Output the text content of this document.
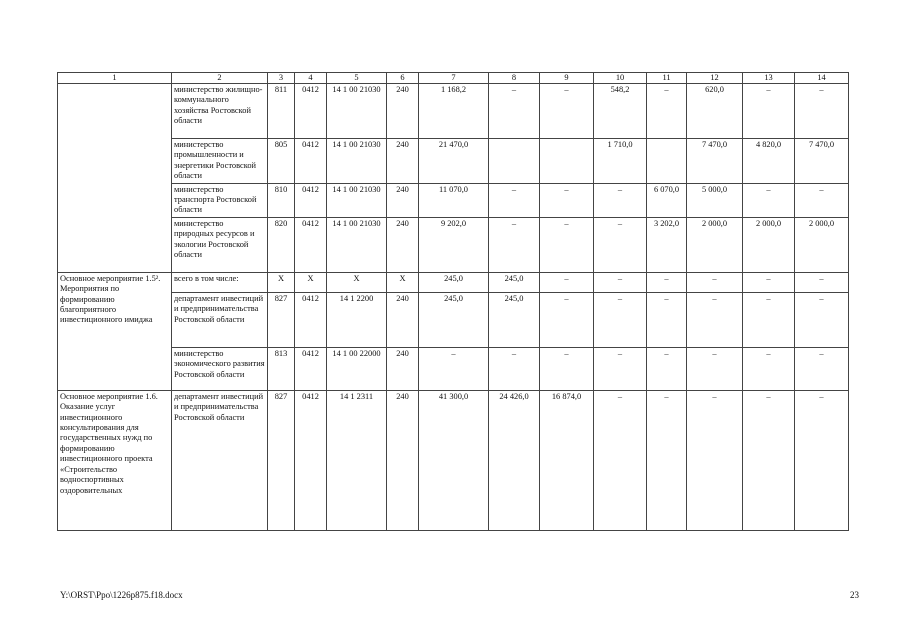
1	2	3	4	5	6	7	8	9	10	11	12	13	14
	министерство жилищно-коммунального хозяйства Ростовской области	811	0412	14 1 00 21030	240	1 168,2	–	–	548,2	–	620,0	–	–
	министерство промышленности и энергетики Ростовской области	805	0412	14 1 00 21030	240	21 470,0			1 710,0		7 470,0	4 820,0	7 470,0
	министерство транспорта Ростовской области	810	0412	14 1 00 21030	240	11 070,0	–	–	–	6 070,0	5 000,0	–	–
	министерство природных ресурсов и экологии Ростовской области	820	0412	14 1 00 21030	240	9 202,0	–	–	–	3 202,0	2 000,0	2 000,0	2 000,0
Основное мероприятие 1.5². Мероприятия по формированию благоприятного инвестиционного имиджа	всего в том числе:	X	X	X	X	245,0	245,0	–	–	–	–	–	–
	департамент инвестиций и предпринимательства Ростовской области	827	0412	14 1 2200	240	245,0	245,0	–	–	–	–	–	–
	министерство экономического развития Ростовской области	813	0412	14 1 00 22000	240	–	–	–	–	–	–	–	–
Основное мероприятие 1.6. Оказание услуг инвестиционного консультирования для государственных нужд по формированию инвестиционного проекта «Строительство водноспортивных оздоровительных	департамент инвестиций и предпринимательства Ростовской области	827	0412	14 1 2311	240	41 300,0	24 426,0	16 874,0	–	–	–	–	–
Y:\ORST\Ppo\1226p875.f18.docx	23
